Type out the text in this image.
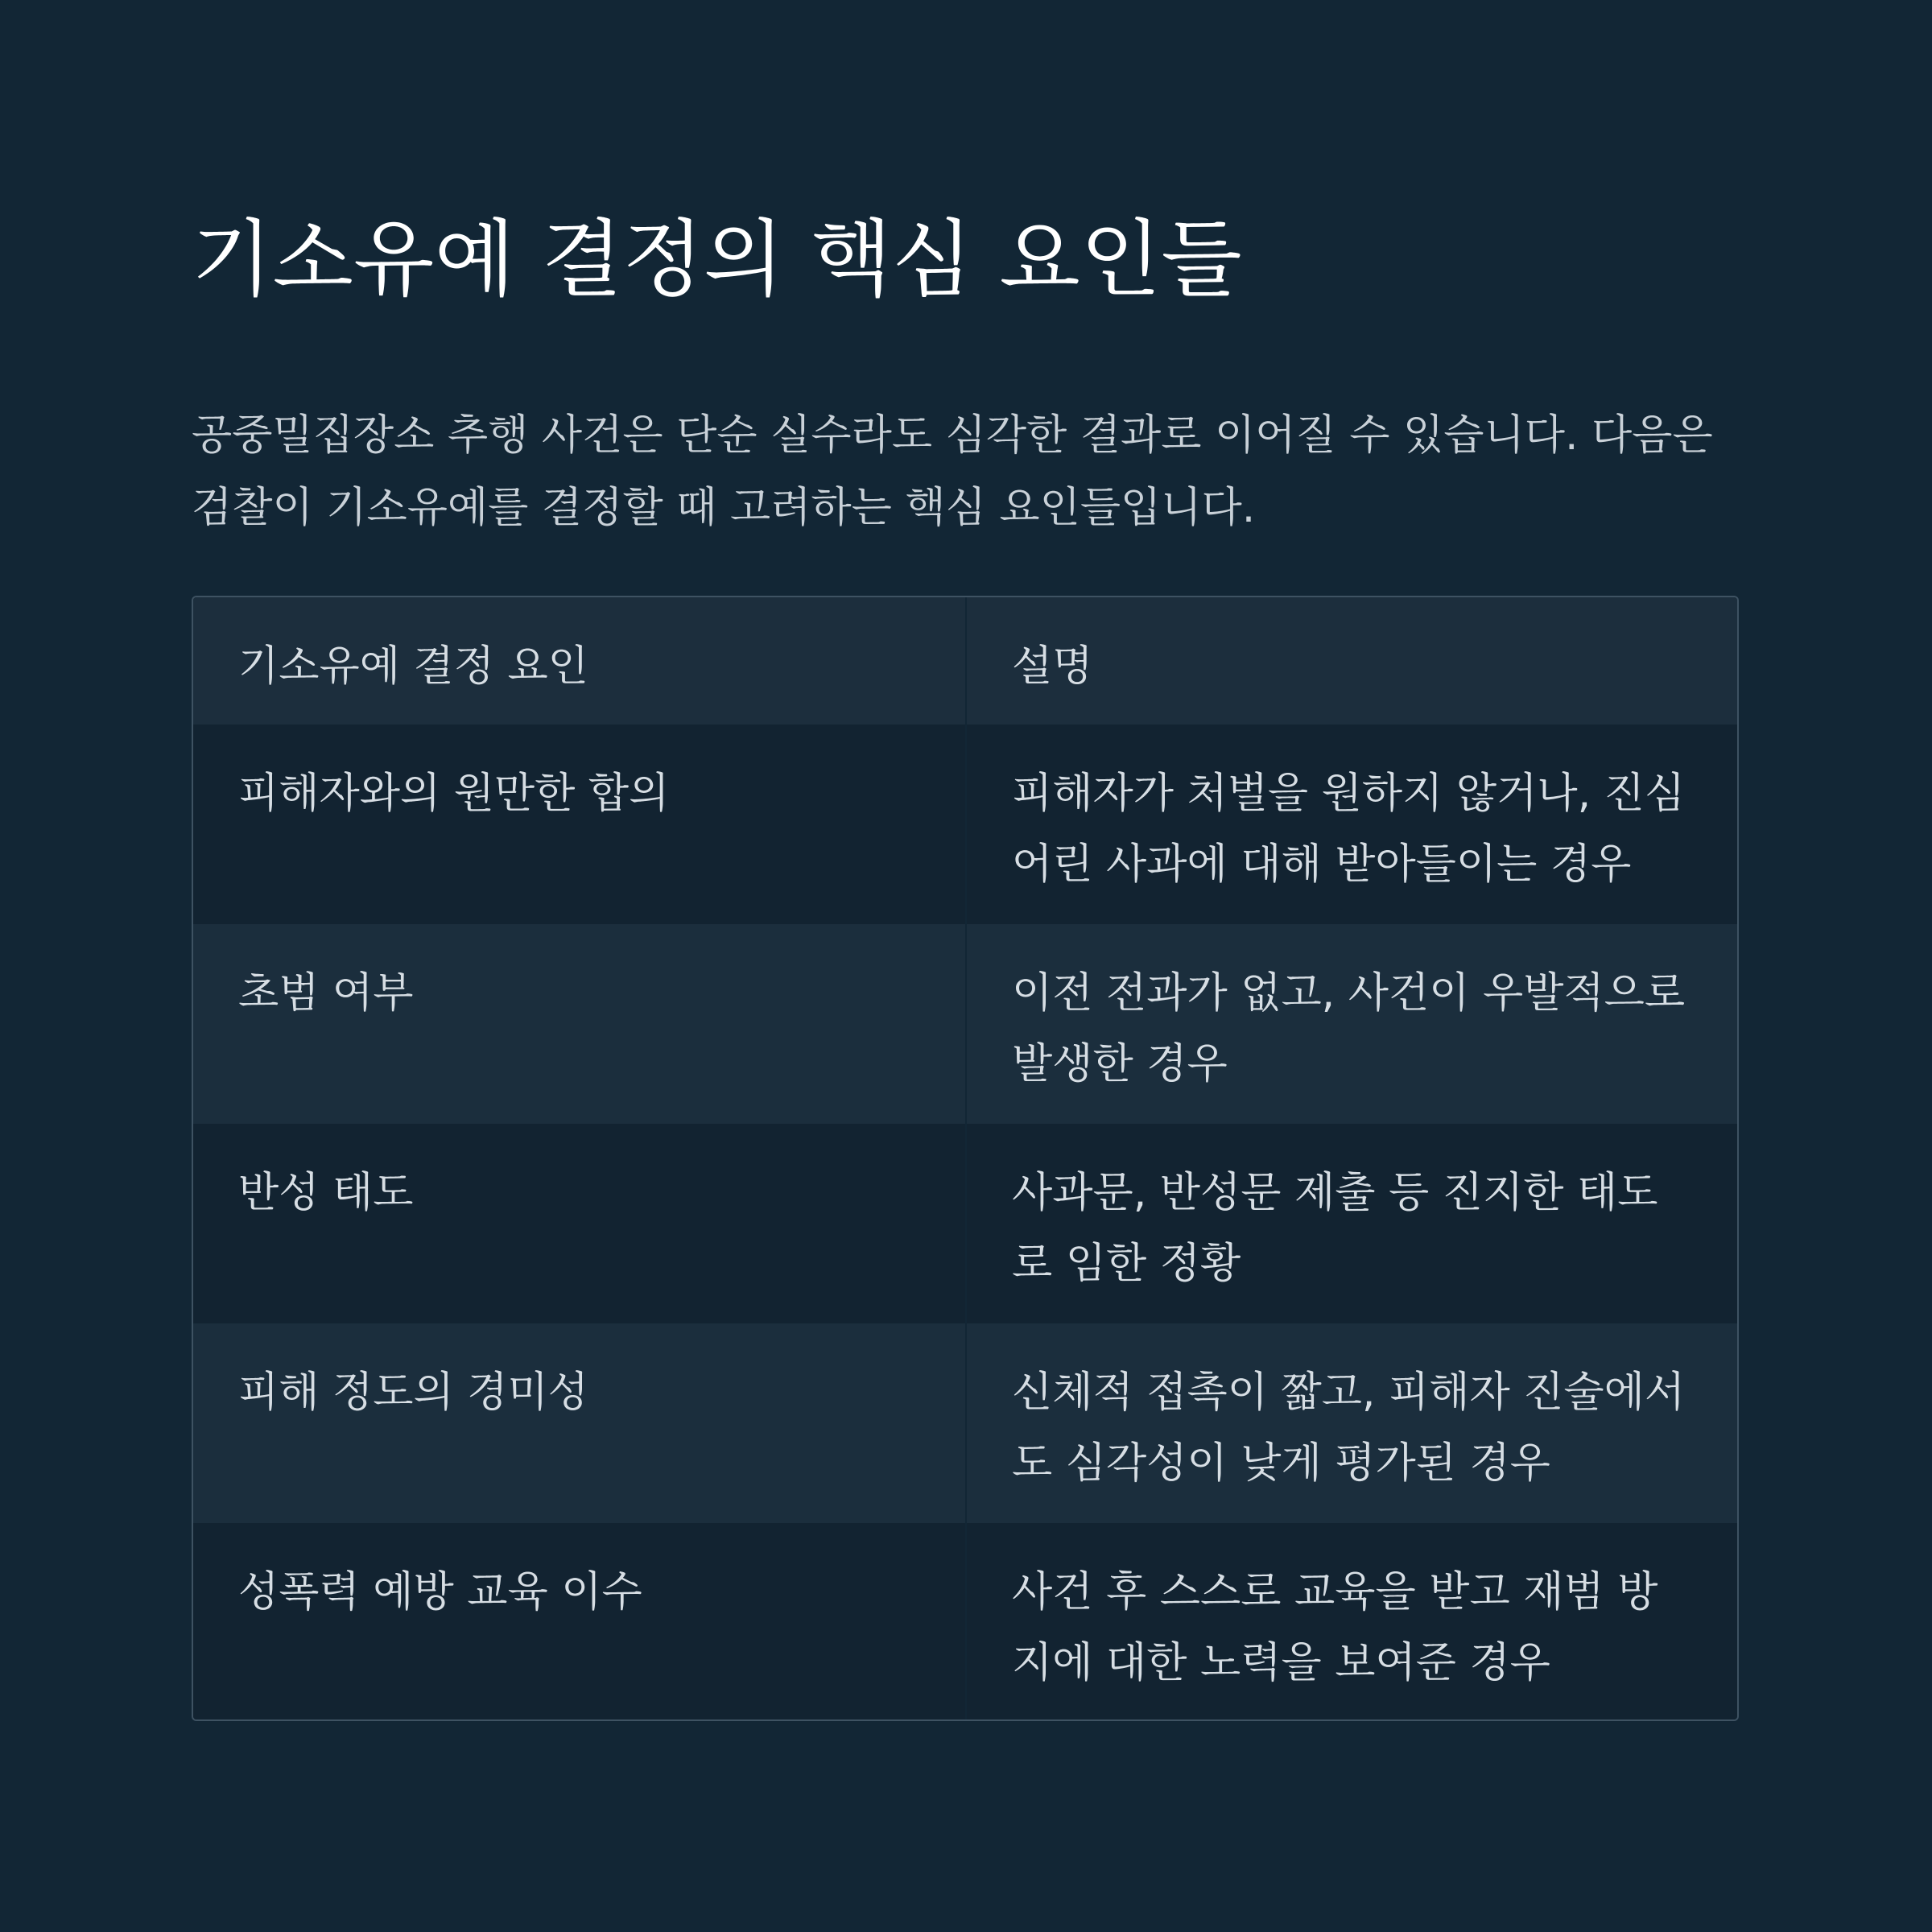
기소유예 결정의 핵심 요인들

공중밀집장소 추행 사건은 단순 실수라도 심각한 결과로 이어질 수 있습니다. 다음은 검찰이 기소유예를 결정할 때 고려하는 핵심 요인들입니다.

기소유예 결정 요인	설명
피해자와의 원만한 합의	피해자가 처벌을 원하지 않거나, 진심 어린 사과에 대해 받아들이는 경우
초범 여부	이전 전과가 없고, 사건이 우발적으로 발생한 경우
반성 태도	사과문, 반성문 제출 등 진지한 태도로 임한 정황
피해 정도의 경미성	신체적 접촉이 짧고, 피해자 진술에서도 심각성이 낮게 평가된 경우
성폭력 예방 교육 이수	사건 후 스스로 교육을 받고 재범 방지에 대한 노력을 보여준 경우
